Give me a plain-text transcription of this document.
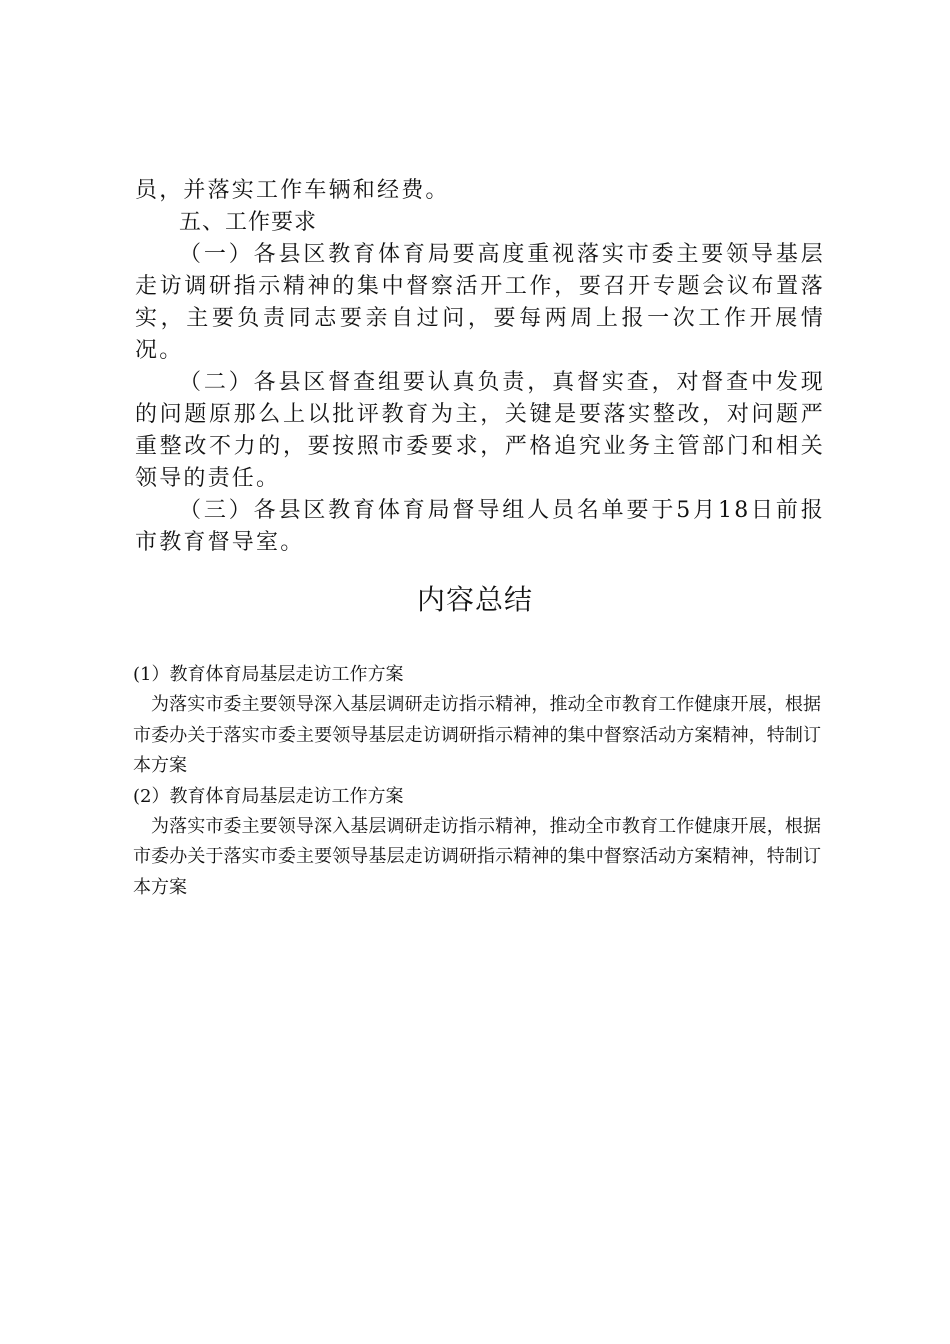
员，并落实工作车辆和经费。

五、工作要求

（一）各县区教育体育局要高度重视落实市委主要领导基层走访调研指示精神的集中督察活开工作，要召开专题会议布置落实，主要负责同志要亲自过问，要每两周上报一次工作开展情况。

（二）各县区督查组要认真负责，真督实查，对督查中发现的问题原那么上以批评教育为主，关键是要落实整改，对问题严重整改不力的，要按照市委要求，严格追究业务主管部门和相关领导的责任。

（三）各县区教育体育局督导组人员名单要于5月18日前报市教育督导室。

内容总结

(1）教育体育局基层走访工作方案

为落实市委主要领导深入基层调研走访指示精神，推动全市教育工作健康开展，根据市委办关于落实市委主要领导基层走访调研指示精神的集中督察活动方案精神，特制订本方案

(2）教育体育局基层走访工作方案

为落实市委主要领导深入基层调研走访指示精神，推动全市教育工作健康开展，根据市委办关于落实市委主要领导基层走访调研指示精神的集中督察活动方案精神，特制订本方案
